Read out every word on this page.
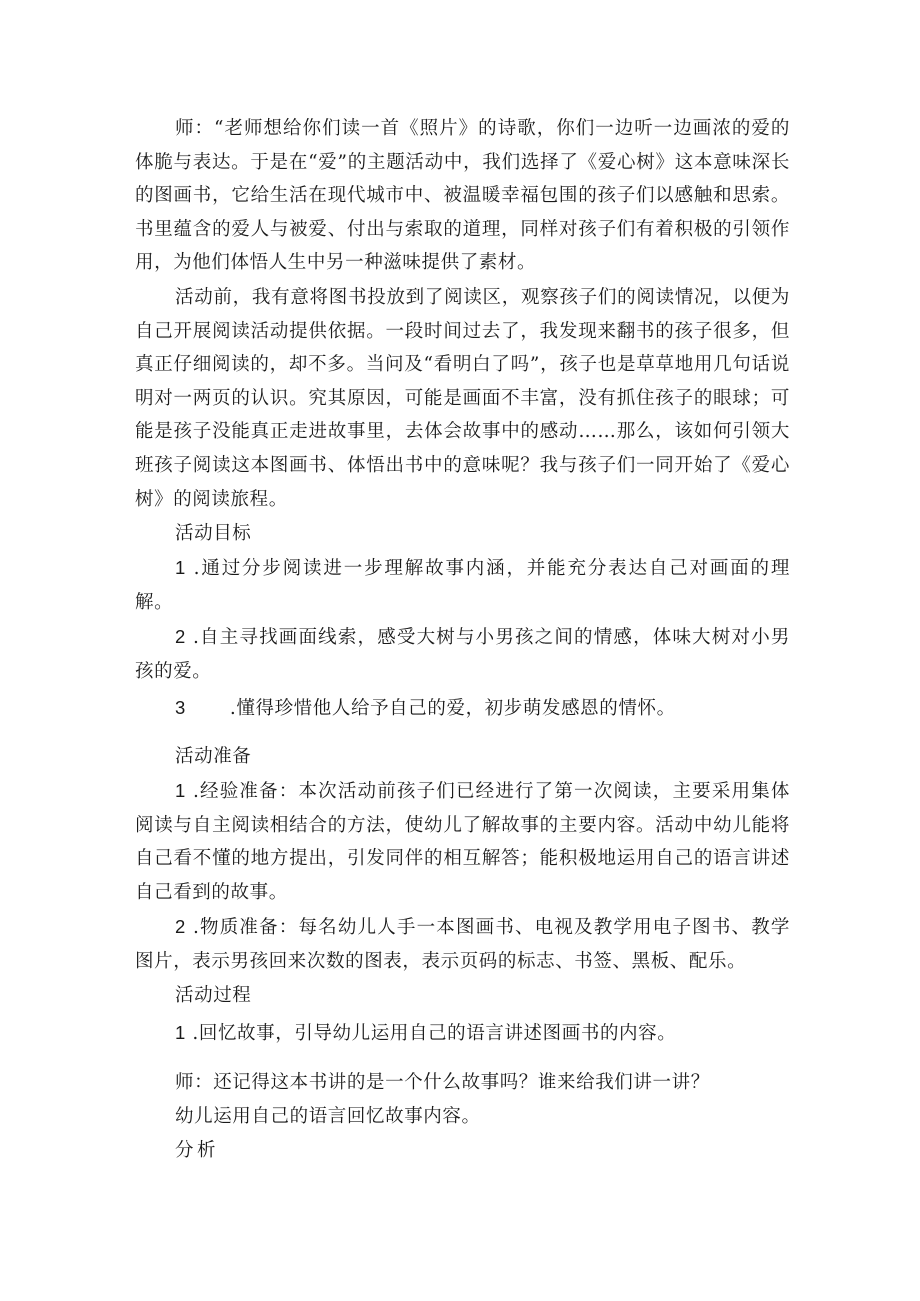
师：“老师想给你们读一首《照片》的诗歌，你们一边听一边画浓的爱的体脆与表达。于是在“爱”的主题活动中，我们选择了《爱心树》这本意味深长的图画书，它给生活在现代城市中、被温暖幸福包围的孩子们以感触和思索。书里蕴含的爱人与被爱、付出与索取的道理，同样对孩子们有着积极的引领作用，为他们体悟人生中另一种滋味提供了素材。

活动前，我有意将图书投放到了阅读区，观察孩子们的阅读情况，以便为自己开展阅读活动提供依据。一段时间过去了，我发现来翻书的孩子很多，但真正仔细阅读的，却不多。当问及“看明白了吗”，孩子也是草草地用几句话说明对一两页的认识。究其原因，可能是画面不丰富，没有抓住孩子的眼球；可能是孩子没能真正走进故事里，去体会故事中的感动……那么，该如何引领大班孩子阅读这本图画书、体悟出书中的意味呢？我与孩子们一同开始了《爱心树》的阅读旅程。

活动目标

1 .通过分步阅读进一步理解故事内涵，并能充分表达自己对画面的理解。

2 .自主寻找画面线索，感受大树与小男孩之间的情感，体味大树对小男孩的爱。

3 .懂得珍惜他人给予自己的爱，初步萌发感恩的情怀。

活动准备

1 .经验准备：本次活动前孩子们已经进行了第一次阅读，主要采用集体阅读与自主阅读相结合的方法，使幼儿了解故事的主要内容。活动中幼儿能将自己看不懂的地方提出，引发同伴的相互解答；能积极地运用自己的语言讲述自己看到的故事。

2 .物质准备：每名幼儿人手一本图画书、电视及教学用电子图书、教学图片，表示男孩回来次数的图表，表示页码的标志、书签、黑板、配乐。

活动过程

1 .回忆故事，引导幼儿运用自己的语言讲述图画书的内容。

师：还记得这本书讲的是一个什么故事吗？谁来给我们讲一讲？

幼儿运用自己的语言回忆故事内容。

分析
